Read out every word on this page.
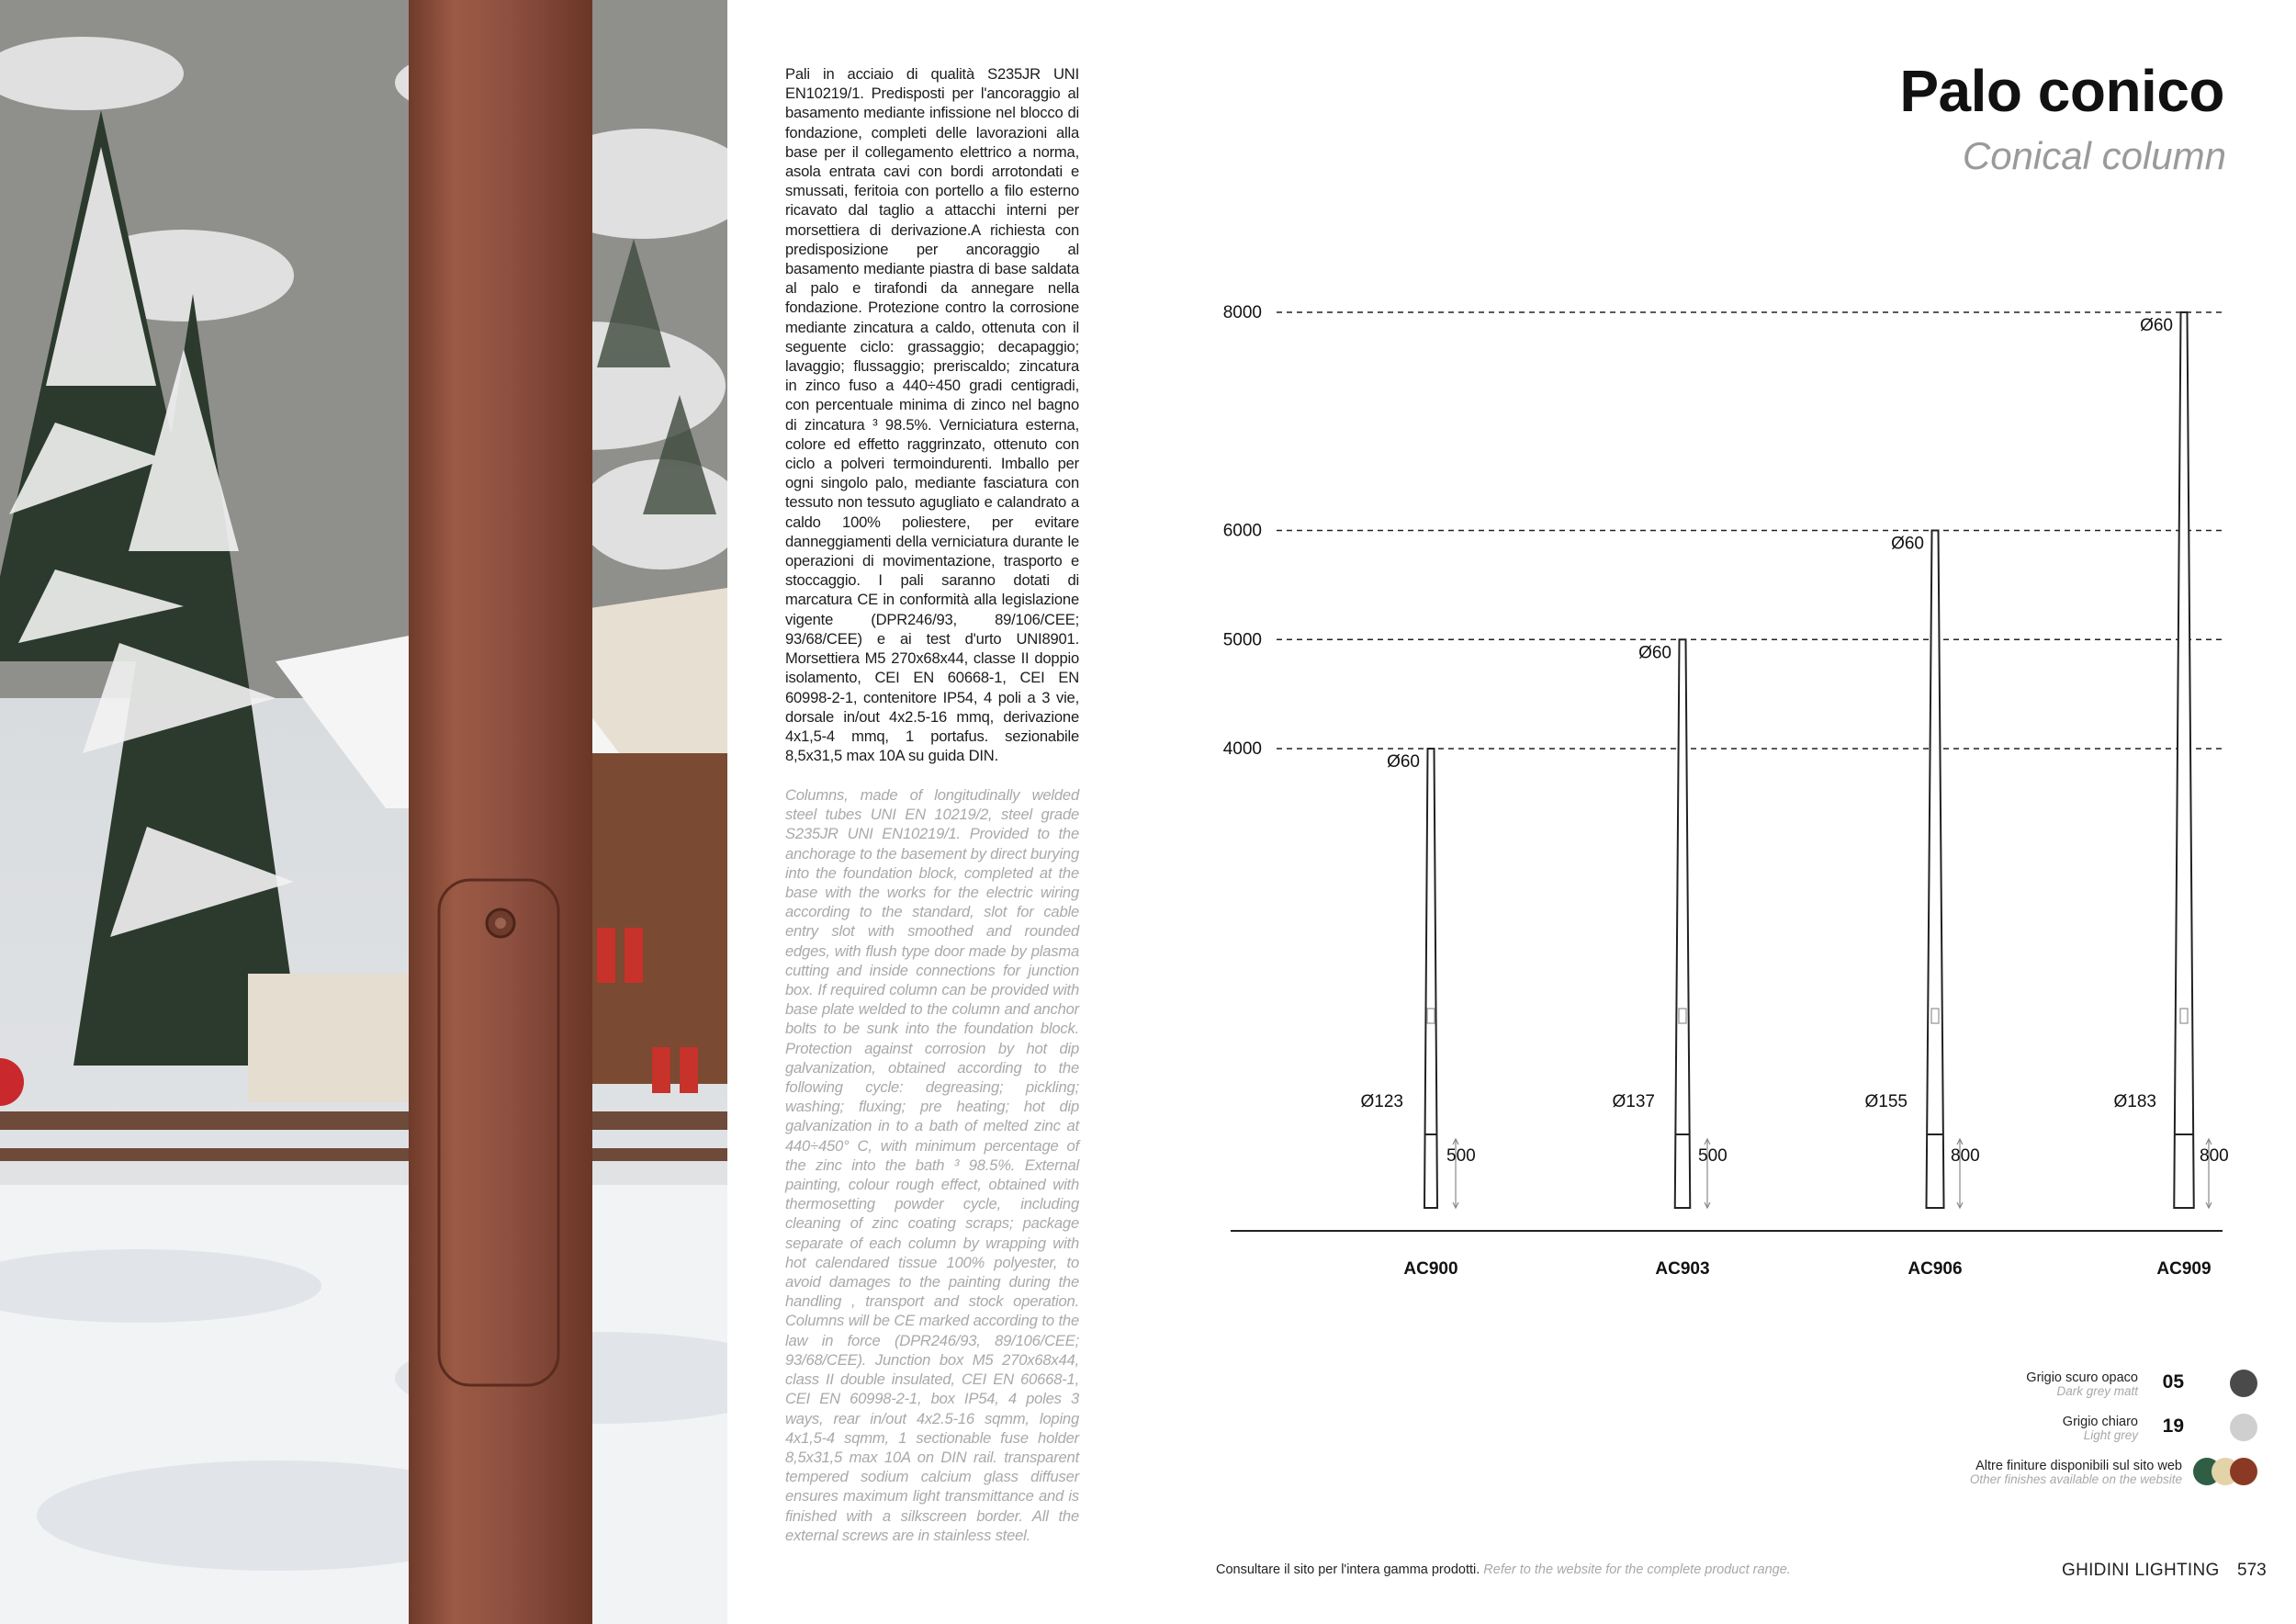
Pali in acciaio di qualità S235JR UNI EN10219/1. Predisposti per l'ancoraggio al basamento mediante infissione nel blocco di fondazione, completi delle lavorazioni alla base per il collegamento elettrico a norma, asola entrata cavi con bordi arrotondati e smussati, feritoia con portello a filo esterno ricavato dal taglio a attacchi interni per morsettiera di derivazione.A richiesta con predisposizione per ancoraggio al basamento mediante piastra di base saldata al palo e tirafondi da annegare nella fondazione. Protezione contro la corrosione mediante zincatura a caldo, ottenuta con il seguente ciclo: grassaggio; decapaggio; lavaggio; flussaggio; preriscaldo; zincatura in zinco fuso a 440÷450 gradi centigradi, con percentuale minima di zinco nel bagno di zincatura ³ 98.5%. Verniciatura esterna, colore ed effetto raggrinzato, ottenuto con ciclo a polveri termoindurenti. Imballo per ogni singolo palo, mediante fasciatura con tessuto non tessuto agugliato e calandrato a caldo 100% poliestere, per evitare danneggiamenti della verniciatura durante le operazioni di movimentazione, trasporto e stoccaggio. I pali saranno dotati di marcatura CE in conformità alla legislazione vigente (DPR246/93, 89/106/CEE; 93/68/CEE) e ai test d'urto UNI8901. Morsettiera M5 270x68x44, classe II doppio isolamento, CEI EN 60668-1, CEI EN 60998-2-1, contenitore IP54, 4 poli a 3 vie, dorsale in/out 4x2.5-16 mmq, derivazione 4x1,5-4 mmq, 1 portafus. sezionabile 8,5x31,5 max 10A su guida DIN.
Columns, made of longitudinally welded steel tubes UNI EN 10219/2, steel grade S235JR UNI EN10219/1. Provided to the anchorage to the basement by direct burying into the foundation block, completed at the base with the works for the electric wiring according to the standard, slot for cable entry slot with smoothed and rounded edges, with flush type door made by plasma cutting and inside connections for junction box. If required column can be provided with base plate welded to the column and anchor bolts to be sunk into the foundation block. Protection against corrosion by hot dip galvanization, obtained according to the following cycle: degreasing; pickling; washing; fluxing; pre heating; hot dip galvanization in to a bath of melted zinc at 440÷450° C, with minimum percentage of the zinc into the bath ³ 98.5%. External painting, colour rough effect, obtained with thermosetting powder cycle, including cleaning of zinc coating scraps; package separate of each column by wrapping with hot calendared tissue 100% polyester, to avoid damages to the painting during the handling , transport and stock operation. Columns will be CE marked according to the law in force (DPR246/93, 89/106/CEE; 93/68/CEE). Junction box M5 270x68x44, class II double insulated, CEI EN 60668-1, CEI EN 60998-2-1, box IP54, 4 poles 3 ways, rear in/out 4x2.5-16 sqmm, loping 4x1,5-4 sqmm, 1 sectionable fuse holder 8,5x31,5 max 10A on DIN rail. transparent tempered sodium calcium glass diffuser ensures maximum light transmittance and is finished with a silkscreen border. All the external screws are in stainless steel.
Palo conico
Conical column
8000
6000
5000
4000
Ø60
Ø123
500
AC900
Ø60
Ø137
500
AC903
Ø60
Ø155
800
AC906
Ø60
Ø183
800
AC909
Grigio scuro opaco
Dark grey matt 05
Grigio chiaro
Light grey 19
Altre finiture disponibili sul sito web
Other finishes available on the website
Consultare il sito per l'intera gamma prodotti. Refer to the website for the complete product range.	GHIDINI LIGHTING 573
